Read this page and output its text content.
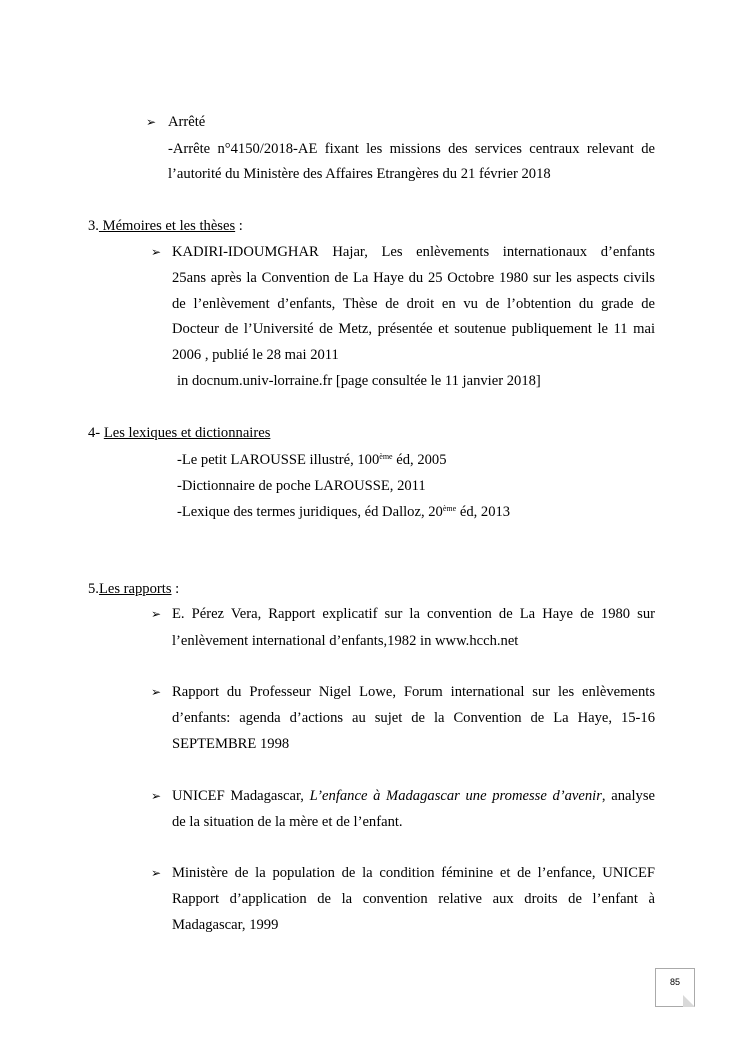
➢ Arrêté
-Arrête n°4150/2018-AE fixant les missions des services centraux relevant de
l’autorité du Ministère des Affaires Etrangères du 21 février 2018
3. Mémoires et les thèses :
➢ KADIRI-IDOUMGHAR Hajar, Les enlèvements internationaux d’enfants
25ans après la Convention de La Haye du 25 Octobre 1980 sur les aspects civils
de l’enlèvement d’enfants, Thèse de droit en vu de l’obtention du grade de
Docteur de l’Université de Metz, présentée et soutenue publiquement le 11 mai
2006 , publié le 28 mai 2011
in docnum.univ-lorraine.fr [page consultée le 11 janvier 2018]
4- Les lexiques et dictionnaires
-Le petit LAROUSSE illustré, 100ème éd, 2005
-Dictionnaire de poche LAROUSSE, 2011
-Lexique des termes juridiques, éd Dalloz, 20ème éd, 2013
5.Les rapports :
➢ E. Pérez Vera, Rapport explicatif sur la convention de La Haye de 1980 sur
l’enlèvement international d’enfants,1982 in www.hcch.net
➢ Rapport du Professeur Nigel Lowe, Forum international sur les enlèvements
d’enfants: agenda d’actions au sujet de la Convention de La Haye, 15-16
SEPTEMBRE 1998
➢ UNICEF Madagascar, L’enfance à Madagascar une promesse d’avenir, analyse
de la situation de la mère et de l’enfant.
➢ Ministère de la population de la condition féminine et de l’enfance, UNICEF
Rapport d’application de la convention relative aux droits de l’enfant à
Madagascar, 1999
85
